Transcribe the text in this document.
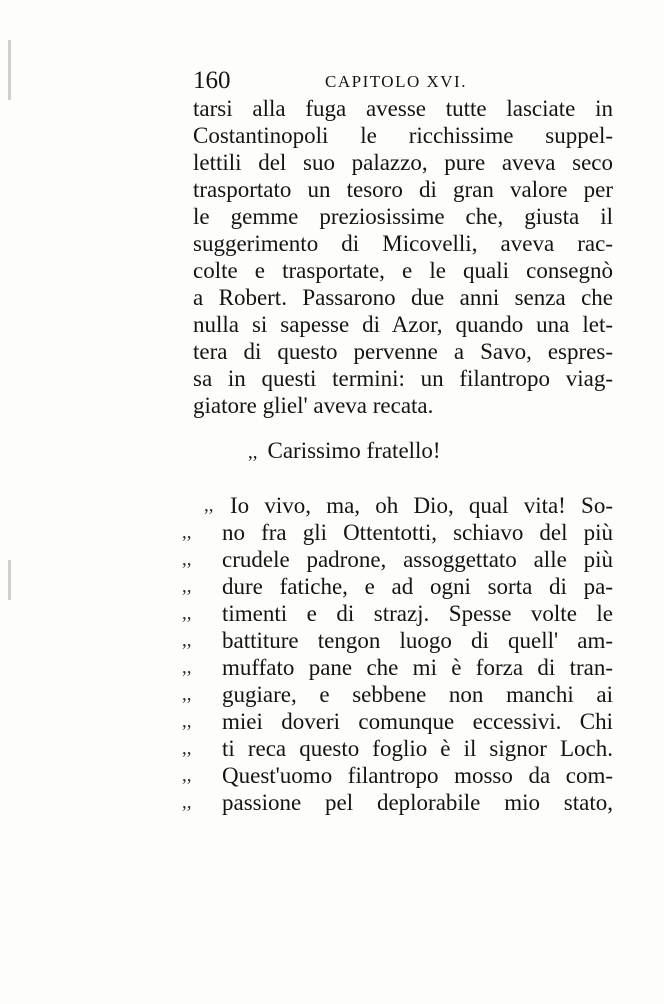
160	CAPITOLO XVI.
tarsi alla fuga avesse tutte lasciate in
Costantinopoli le ricchissime suppel-
lettili del suo palazzo, pure aveva seco
trasportato un tesoro di gran valore per
le gemme preziosissime che, giusta il
suggerimento di Micovelli, aveva rac-
colte e trasportate, e le quali consegnò
a Robert. Passarono due anni senza che
nulla si sapesse di Azor, quando una let-
tera di questo pervenne a Savo, espres-
sa in questi termini: un filantropo viag-
giatore gliel' aveva recata.
,, Carissimo fratello!
,, Io vivo, ma, oh Dio, qual vita! So-
,,	no fra gli Ottentotti, schiavo del più
,,	crudele padrone, assoggettato alle più
,,	dure fatiche, e ad ogni sorta di pa-
,,	timenti e di strazj. Spesse volte le
,,	battiture tengon luogo di quell' am-
,,	muffato pane che mi è forza di tran-
,,	gugiare, e sebbene non manchi ai
,,	miei doveri comunque eccessivi. Chi
,,	ti reca questo foglio è il signor Loch.
,,	Quest'uomo filantropo mosso da com-
,,	passione pel deplorabile mio stato,
